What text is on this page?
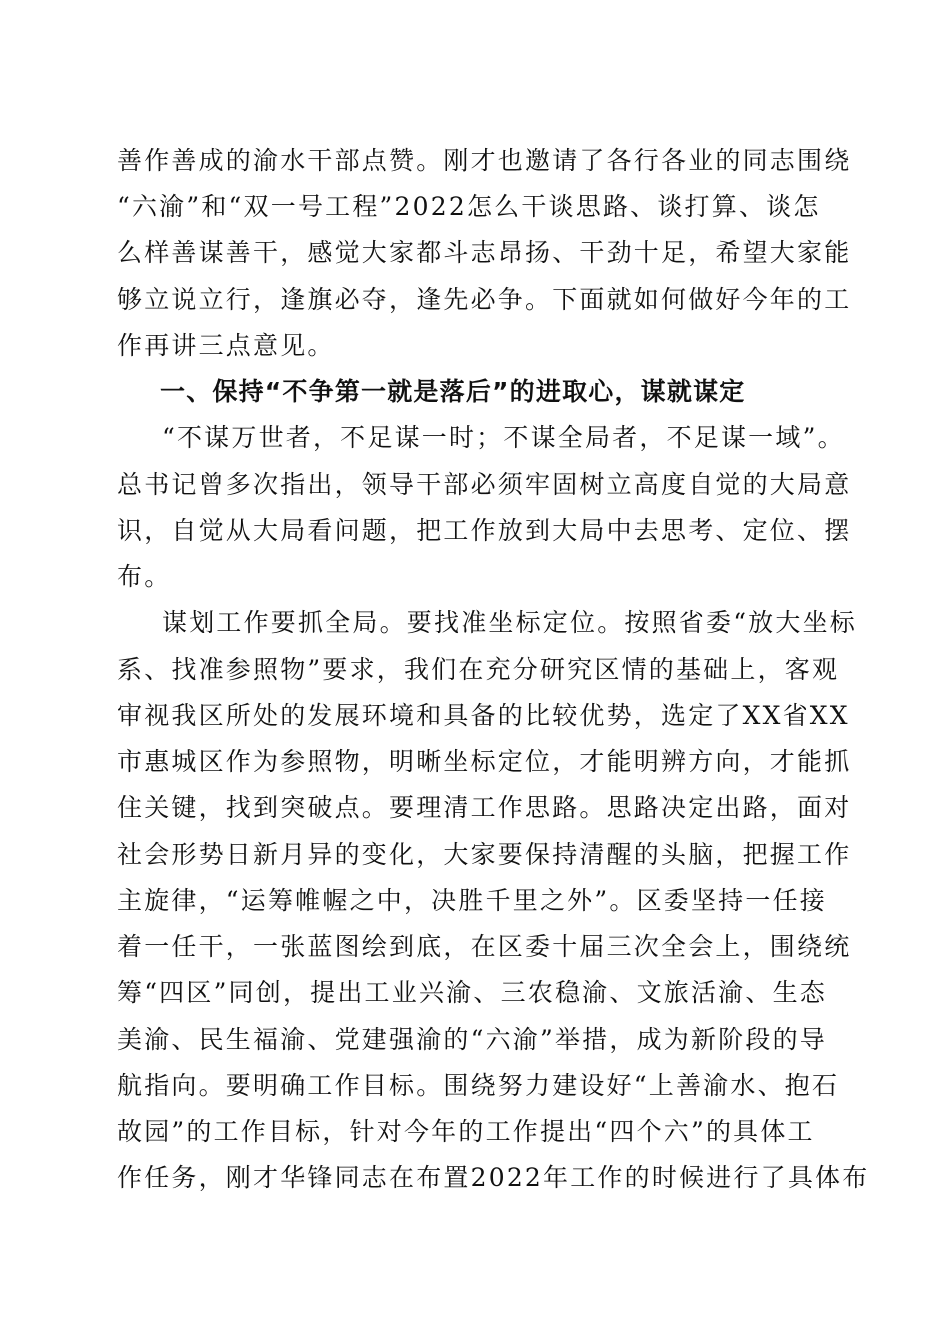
善作善成的渝水干部点赞。刚才也邀请了各行各业的同志围绕
“六渝”和“双一号工程”2022怎么干谈思路、谈打算、谈怎
么样善谋善干，感觉大家都斗志昂扬、干劲十足，希望大家能
够立说立行，逢旗必夺，逢先必争。下面就如何做好今年的工
作再讲三点意见。
一、保持“不争第一就是落后”的进取心，谋就谋定
“不谋万世者，不足谋一时；不谋全局者，不足谋一域”。
总书记曾多次指出，领导干部必须牢固树立高度自觉的大局意
识，自觉从大局看问题，把工作放到大局中去思考、定位、摆
布。
谋划工作要抓全局。要找准坐标定位。按照省委“放大坐标
系、找准参照物”要求，我们在充分研究区情的基础上，客观
审视我区所处的发展环境和具备的比较优势，选定了XX省XX
市惠城区作为参照物，明晰坐标定位，才能明辨方向，才能抓
住关键，找到突破点。要理清工作思路。思路决定出路，面对
社会形势日新月异的变化，大家要保持清醒的头脑，把握工作
主旋律，“运筹帷幄之中，决胜千里之外”。区委坚持一任接
着一任干，一张蓝图绘到底，在区委十届三次全会上，围绕统
筹“四区”同创，提出工业兴渝、三农稳渝、文旅活渝、生态
美渝、民生福渝、党建强渝的“六渝”举措，成为新阶段的导
航指向。要明确工作目标。围绕努力建设好“上善渝水、抱石
故园”的工作目标，针对今年的工作提出“四个六”的具体工
作任务，刚才华锋同志在布置2022年工作的时候进行了具体布
